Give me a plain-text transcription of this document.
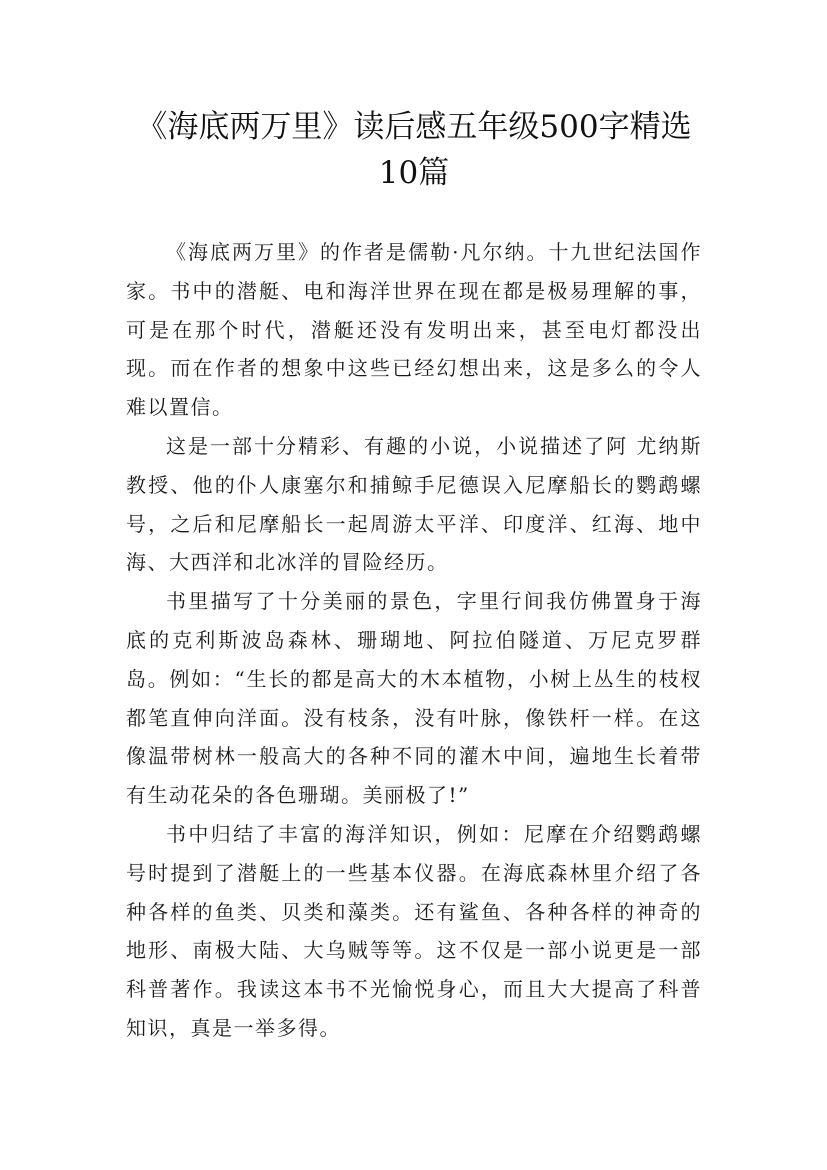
《海底两万里》读后感五年级500字精选10篇

《海底两万里》的作者是儒勒·凡尔纳。十九世纪法国作家。书中的潜艇、电和海洋世界在现在都是极易理解的事，可是在那个时代，潜艇还没有发明出来，甚至电灯都没出现。而在作者的想象中这些已经幻想出来，这是多么的令人难以置信。

这是一部十分精彩、有趣的小说，小说描述了阿 尤纳斯教授、他的仆人康塞尔和捕鲸手尼德误入尼摩船长的鹦鹉螺号，之后和尼摩船长一起周游太平洋、印度洋、红海、地中海、大西洋和北冰洋的冒险经历。

书里描写了十分美丽的景色，字里行间我仿佛置身于海底的克利斯波岛森林、珊瑚地、阿拉伯隧道、万尼克罗群岛。例如：“生长的都是高大的木本植物，小树上丛生的枝杈都笔直伸向洋面。没有枝条，没有叶脉，像铁杆一样。在这像温带树林一般高大的各种不同的灌木中间，遍地生长着带有生动花朵的各色珊瑚。美丽极了!”

书中归结了丰富的海洋知识，例如：尼摩在介绍鹦鹉螺号时提到了潜艇上的一些基本仪器。在海底森林里介绍了各种各样的鱼类、贝类和藻类。还有鲨鱼、各种各样的神奇的地形、南极大陆、大乌贼等等。这不仅是一部小说更是一部科普著作。我读这本书不光愉悦身心，而且大大提高了科普知识，真是一举多得。
